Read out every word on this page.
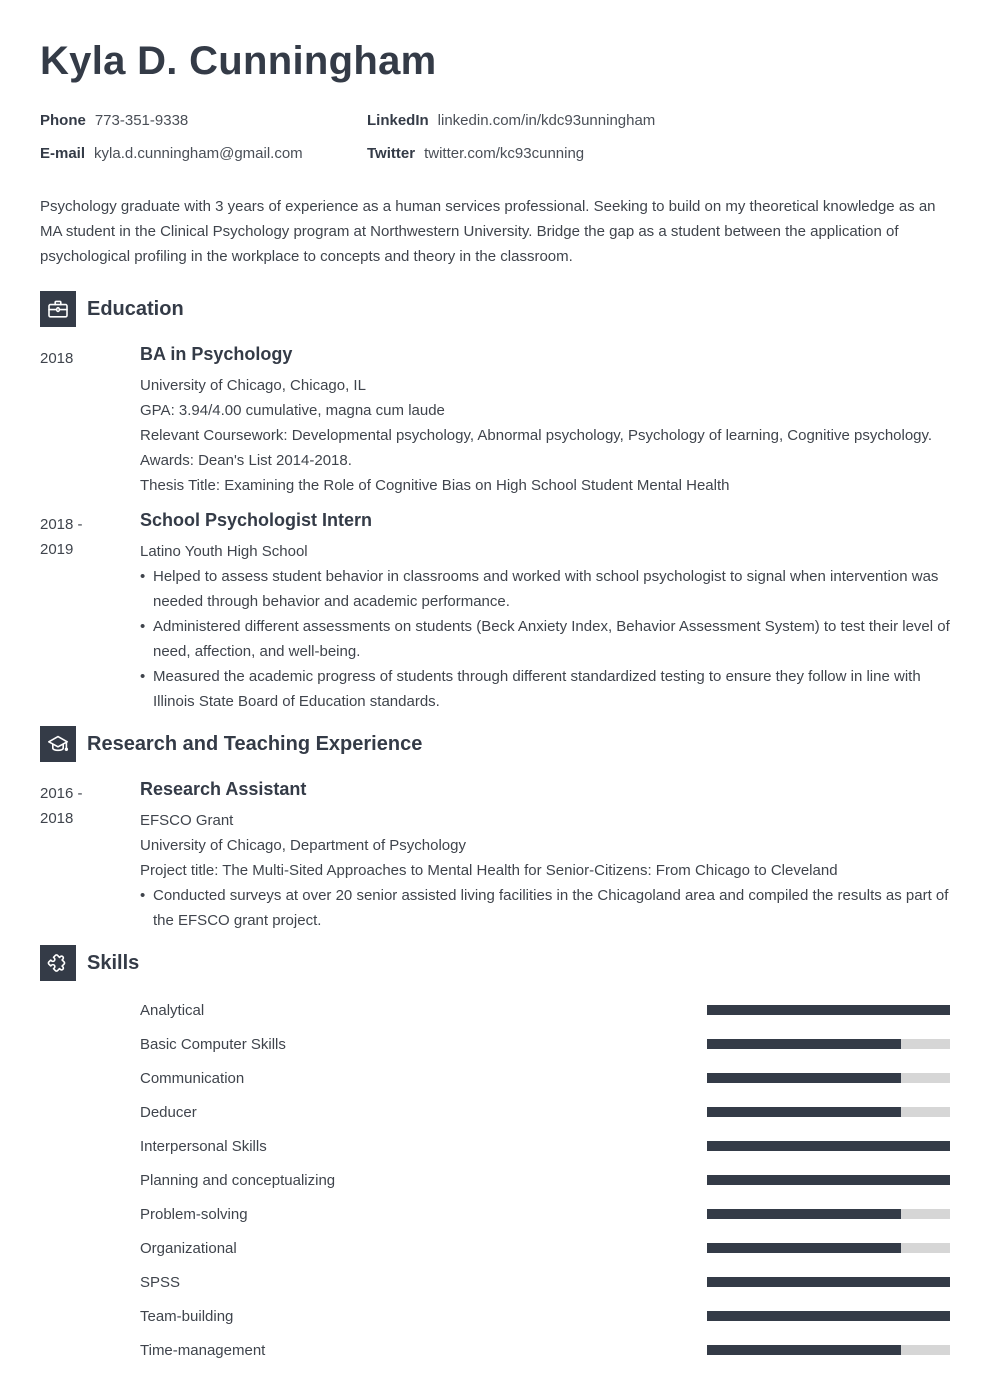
Kyla D. Cunningham
Phone 773-351-9338	LinkedIn linkedin.com/in/kdc93unningham
E-mail kyla.d.cunningham@gmail.com	Twitter twitter.com/kc93cunning

Psychology graduate with 3 years of experience as a human services professional. Seeking to build on my theoretical knowledge as an MA student in the Clinical Psychology program at Northwestern University. Bridge the gap as a student between the application of psychological profiling in the workplace to concepts and theory in the classroom.

Education
2018	BA in Psychology
University of Chicago, Chicago, IL
GPA: 3.94/4.00 cumulative, magna cum laude
Relevant Coursework: Developmental psychology, Abnormal psychology, Psychology of learning, Cognitive psychology.
Awards: Dean's List 2014-2018.
Thesis Title: Examining the Role of Cognitive Bias on High School Student Mental Health
2018 -
2019
School Psychologist Intern
Latino Youth High School
• Helped to assess student behavior in classrooms and worked with school psychologist to signal when intervention was needed through behavior and academic performance.
• Administered different assessments on students (Beck Anxiety Index, Behavior Assessment System) to test their level of need, affection, and well-being.
• Measured the academic progress of students through different standardized testing to ensure they follow in line with Illinois State Board of Education standards.
Research and Teaching Experience
2016 -
2018
Research Assistant
EFSCO Grant
University of Chicago, Department of Psychology
Project title: The Multi-Sited Approaches to Mental Health for Senior-Citizens: From Chicago to Cleveland
• Conducted surveys at over 20 senior assisted living facilities in the Chicagoland area and compiled the results as part of the EFSCO grant project.
Skills
Analytical
Basic Computer Skills
Communication
Deducer
Interpersonal Skills
Planning and conceptualizing
Problem-solving
Organizational
SPSS
Team-building
Time-management
